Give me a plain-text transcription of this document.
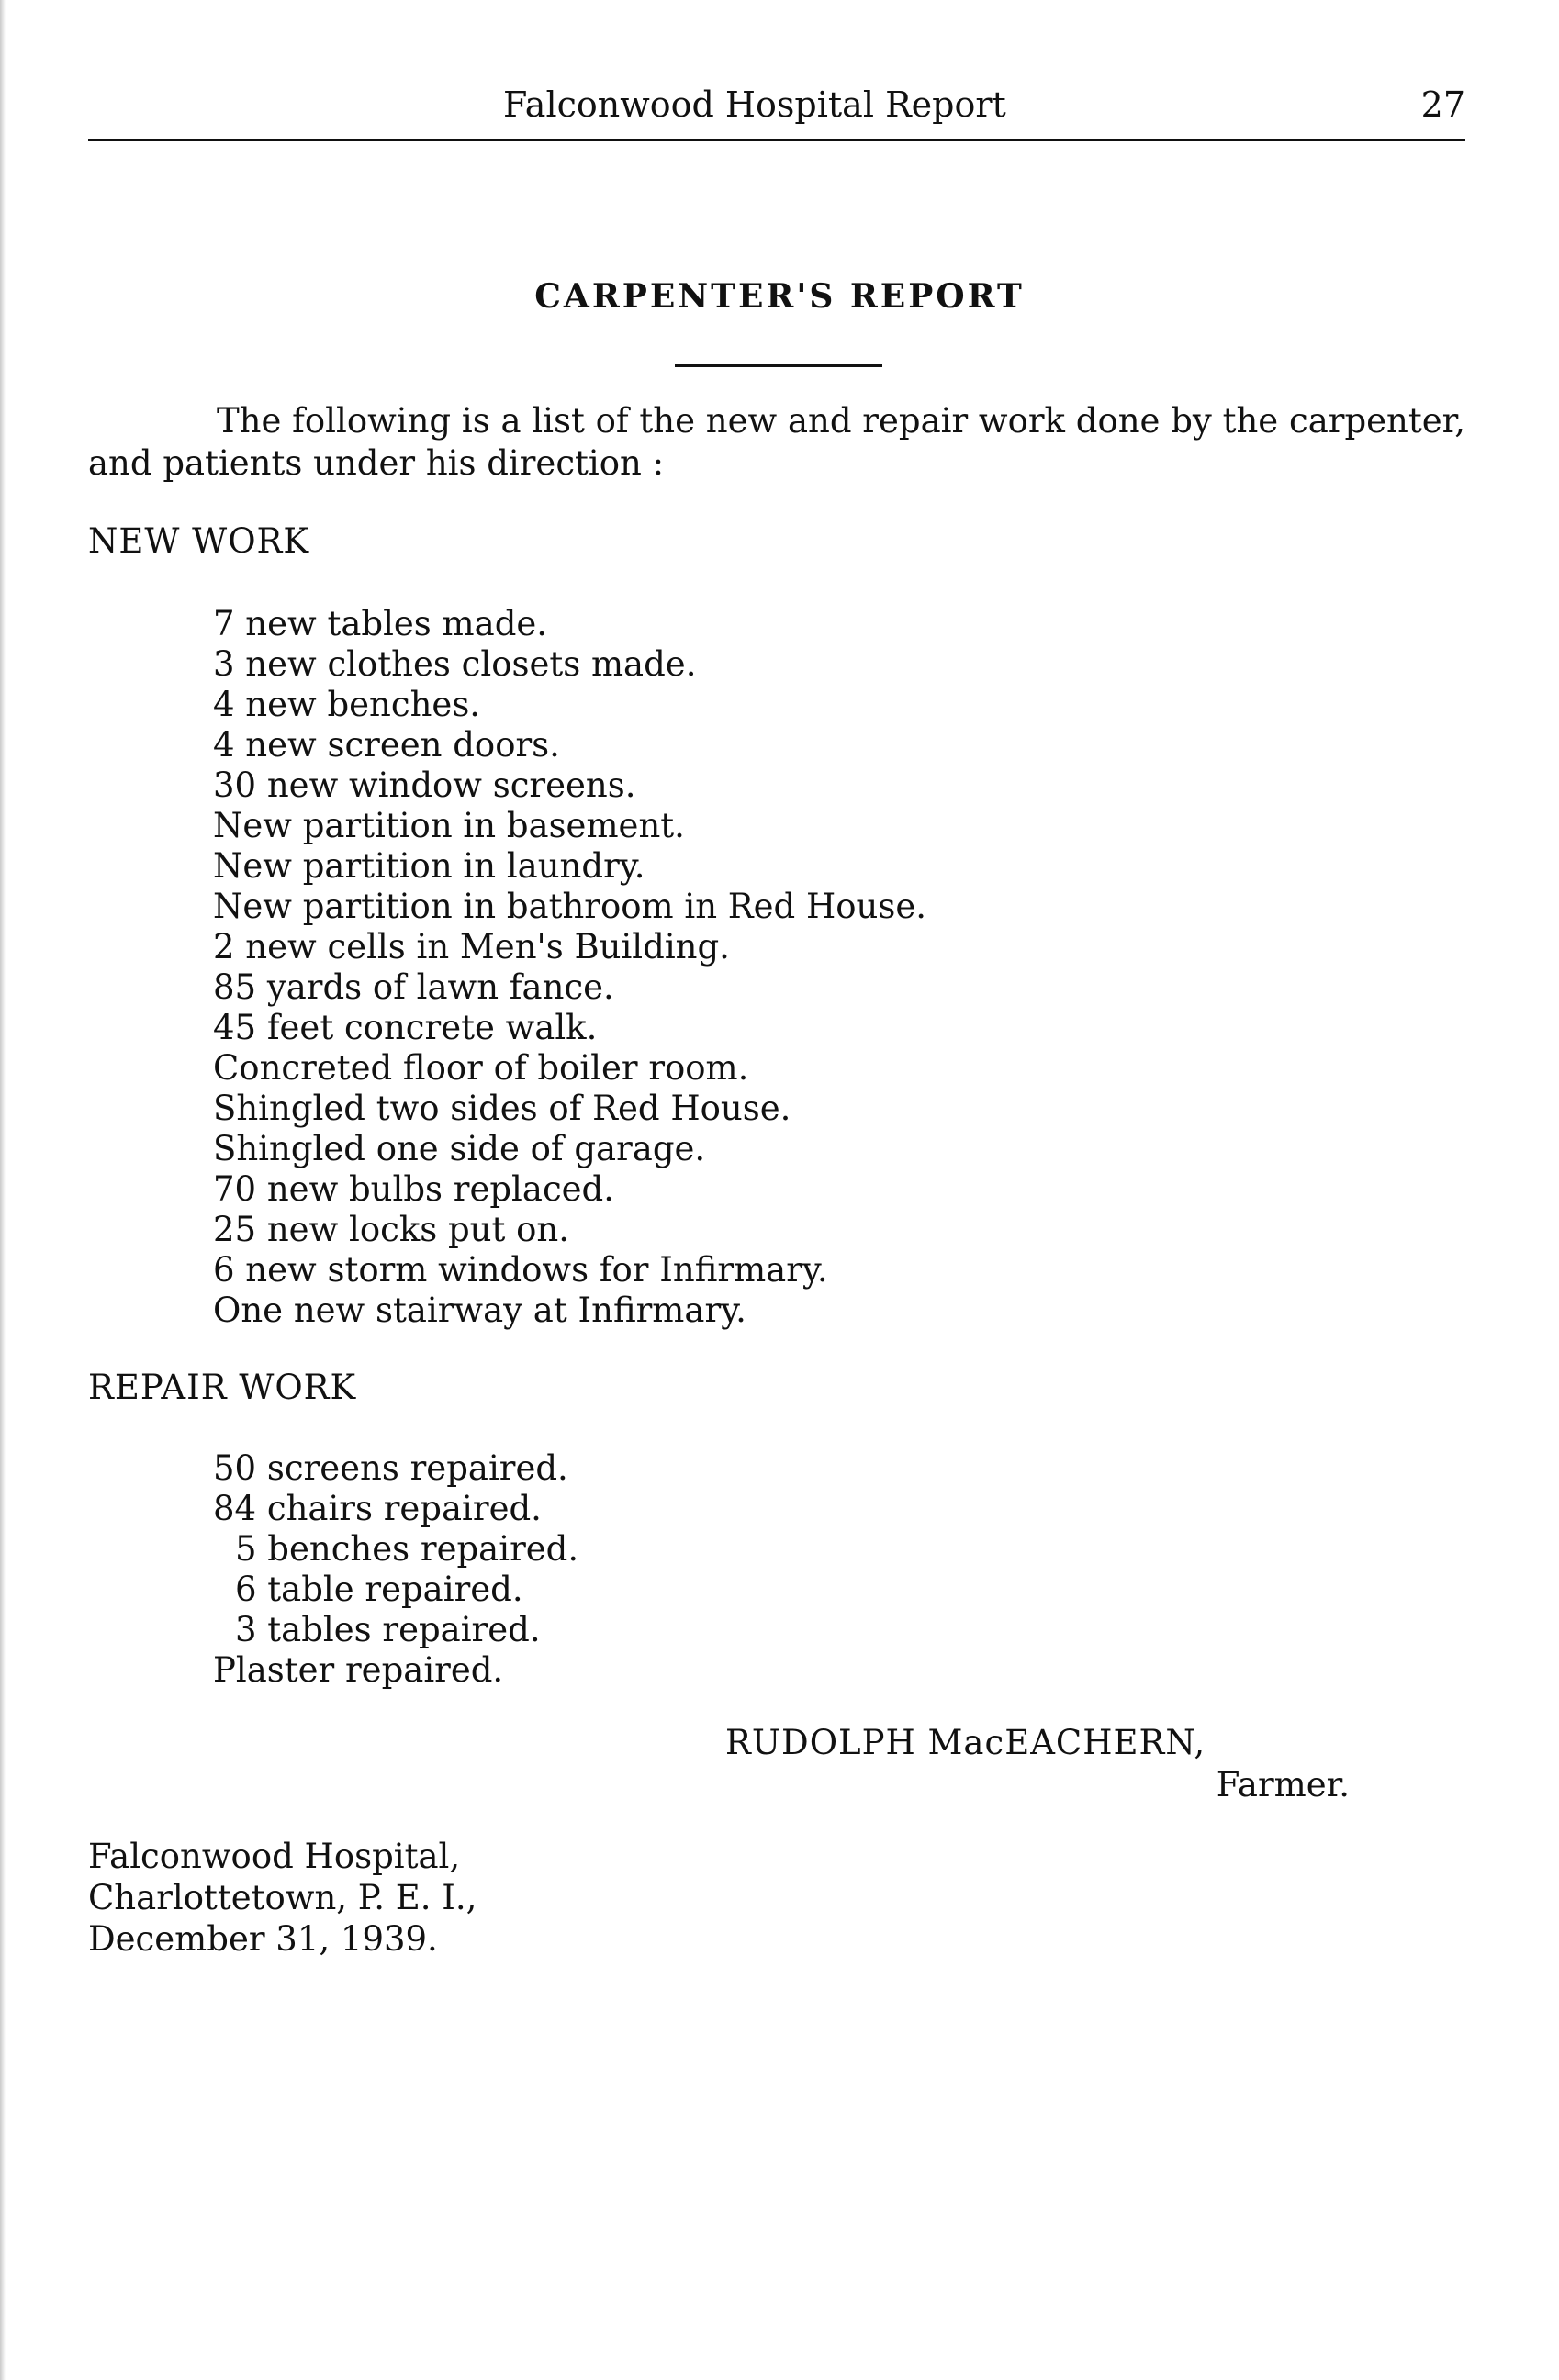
Falconwood Hospital Report	27
CARPENTER'S REPORT

The following is a list of the new and repair work done by the carpenter, and patients under his direction :

NEW WORK
7 new tables made.
3 new clothes closets made.
4 new benches.
4 new screen doors.
30 new window screens.
New partition in basement.
New partition in laundry.
New partition in bathroom in Red House.
2 new cells in Men's Building.
85 yards of lawn fance.
45 feet concrete walk.
Concreted floor of boiler room.
Shingled two sides of Red House.
Shingled one side of garage.
70 new bulbs replaced.
25 new locks put on.
6 new storm windows for Infirmary.
One new stairway at Infirmary.
REPAIR WORK
50 screens repaired.
84 chairs repaired.
5 benches repaired.
6 table repaired.
3 tables repaired.
Plaster repaired.
RUDOLPH MacEACHERN,
Farmer.
Falconwood Hospital,
Charlottetown, P. E. I.,
December 31, 1939.
